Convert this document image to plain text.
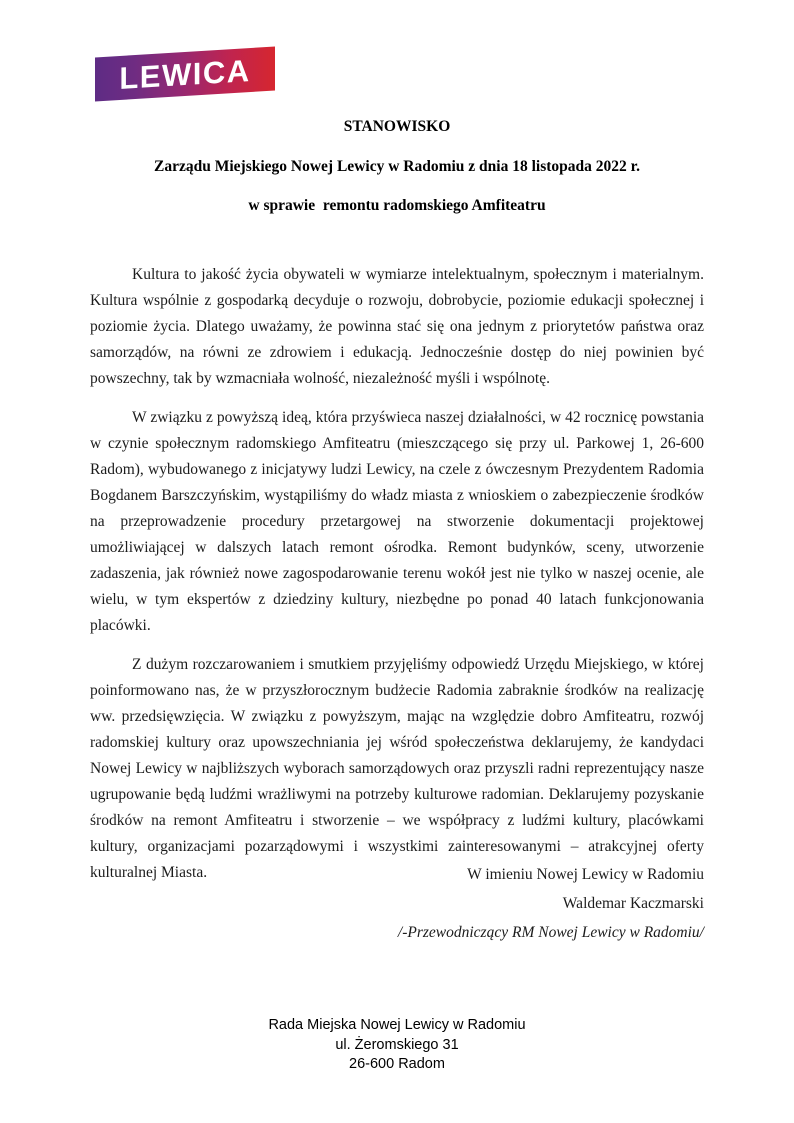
LEWICA

STANOWISKO

Zarządu Miejskiego Nowej Lewicy w Radomiu z dnia 18 listopada 2022 r.

w sprawie  remontu radomskiego Amfiteatru

Kultura to jakość życia obywateli w wymiarze intelektualnym, społecznym i materialnym. Kultura wspólnie z gospodarką decyduje o rozwoju, dobrobycie, poziomie edukacji społecznej i poziomie życia. Dlatego uważamy, że powinna stać się ona jednym z priorytetów państwa oraz samorządów, na równi ze zdrowiem i edukacją. Jednocześnie dostęp do niej powinien być powszechny, tak by wzmacniała wolność, niezależność myśli i wspólnotę.

W związku z powyższą ideą, która przyświeca naszej działalności, w 42 rocznicę powstania w czynie społecznym radomskiego Amfiteatru (mieszczącego się przy ul. Parkowej 1, 26-600 Radom), wybudowanego z inicjatywy ludzi Lewicy, na czele z ówczesnym Prezydentem Radomia Bogdanem Barszczyńskim, wystąpiliśmy do władz miasta z wnioskiem o zabezpieczenie środków na przeprowadzenie procedury przetargowej na stworzenie dokumentacji projektowej umożliwiającej w dalszych latach remont ośrodka. Remont budynków, sceny, utworzenie zadaszenia, jak również nowe zagospodarowanie terenu wokół jest nie tylko w naszej ocenie, ale wielu, w tym ekspertów z dziedziny kultury, niezbędne po ponad 40 latach funkcjonowania placówki.

Z dużym rozczarowaniem i smutkiem przyjęliśmy odpowiedź Urzędu Miejskiego, w której poinformowano nas, że w przyszłorocznym budżecie Radomia zabraknie środków na realizację ww. przedsięwzięcia. W związku z powyższym, mając na względzie dobro Amfiteatru, rozwój radomskiej kultury oraz upowszechniania jej wśród społeczeństwa deklarujemy, że kandydaci Nowej Lewicy w najbliższych wyborach samorządowych oraz przyszli radni reprezentujący nasze ugrupowanie będą ludźmi wrażliwymi na potrzeby kulturowe radomian. Deklarujemy pozyskanie środków na remont Amfiteatru i stworzenie – we współpracy z ludźmi kultury, placówkami kultury, organizacjami pozarządowymi i wszystkimi zainteresowanymi – atrakcyjnej oferty kulturalnej Miasta.	W imieniu Nowej Lewicy w Radomiu
Waldemar Kaczmarski
/-Przewodniczący RM Nowej Lewicy w Radomiu/
Rada Miejska Nowej Lewicy w Radomiu
ul. Żeromskiego 31
26-600 Radom
